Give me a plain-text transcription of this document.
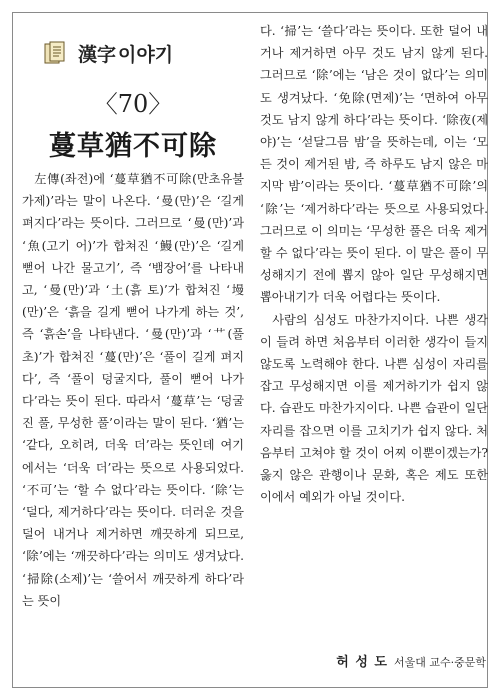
漢字 이야기
〈70〉
蔓草猶不可除

左傳(좌전)에 ‘蔓草猶不可除(만초유불가제)’라는 말이 나온다. ‘曼(만)’은 ‘길게 펴지다’라는 뜻이다. 그러므로 ‘曼(만)’과 ‘魚(고기 어)’가 합쳐진 ‘鰻(만)’은 ‘길게 뻗어 나간 물고기’, 즉 ‘뱀장어’를 나타내고, ‘曼(만)’과 ‘土(흙 토)’가 합쳐진 ‘墁(만)’은 ‘흙을 길게 뻗어 나가게 하는 것’, 즉 ‘흙손’을 나타낸다. ‘曼(만)’과 ‘艹(풀 초)’가 합쳐진 ‘蔓(만)’은 ‘풀이 길게 펴지다’, 즉 ‘풀이 덩굴지다, 풀이 뻗어 나가다’라는 뜻이 된다. 따라서 ‘蔓草’는 ‘덩굴진 풀, 무성한 풀’이라는 말이 된다. ‘猶’는 ‘같다, 오히려, 더욱 더’라는 뜻인데 여기에서는 ‘더욱 더’라는 뜻으로 사용되었다. ‘不可’는 ‘할 수 없다’라는 뜻이다. ‘除’는 ‘덜다, 제거하다’라는 뜻이다. 더러운 것을 덜어 내거나 제거하면 깨끗하게 되므로, ‘除’에는 ‘깨끗하다’라는 의미도 생겨났다. ‘掃除(소제)’는 ‘쓸어서 깨끗하게 하다’라는 뜻이

다. ‘掃’는 ‘쓸다’라는 뜻이다. 또한 덜어 내거나 제거하면 아무 것도 남지 않게 된다. 그러므로 ‘除’에는 ‘남은 것이 없다’는 의미도 생겨났다. ‘免除(면제)’는 ‘면하여 아무 것도 남지 않게 하다’라는 뜻이다. ‘除夜(제야)’는 ‘섣달그믐 밤’을 뜻하는데, 이는 ‘모든 것이 제거된 밤, 즉 하루도 남지 않은 마지막 밤’이라는 뜻이다. ‘蔓草猶不可除’의 ‘除’는 ‘제거하다’라는 뜻으로 사용되었다. 그러므로 이 의미는 ‘무성한 풀은 더욱 제거할 수 없다’라는 뜻이 된다. 이 말은 풀이 무성해지기 전에 뽑지 않아 일단 무성해지면 뽑아내기가 더욱 어렵다는 뜻이다.

사람의 심성도 마찬가지이다. 나쁜 생각이 들려 하면 처음부터 이러한 생각이 들지 않도록 노력해야 한다. 나쁜 심성이 자리를 잡고 무성해지면 이를 제거하기가 쉽지 않다. 습관도 마찬가지이다. 나쁜 습관이 일단 자리를 잡으면 이를 고치기가 쉽지 않다. 처음부터 고쳐야 할 것이 어찌 이뿐이겠는가? 옳지 않은 관행이나 문화, 혹은 제도 또한 이에서 예외가 아닐 것이다.

허 성 도 서울대 교수·중문학
